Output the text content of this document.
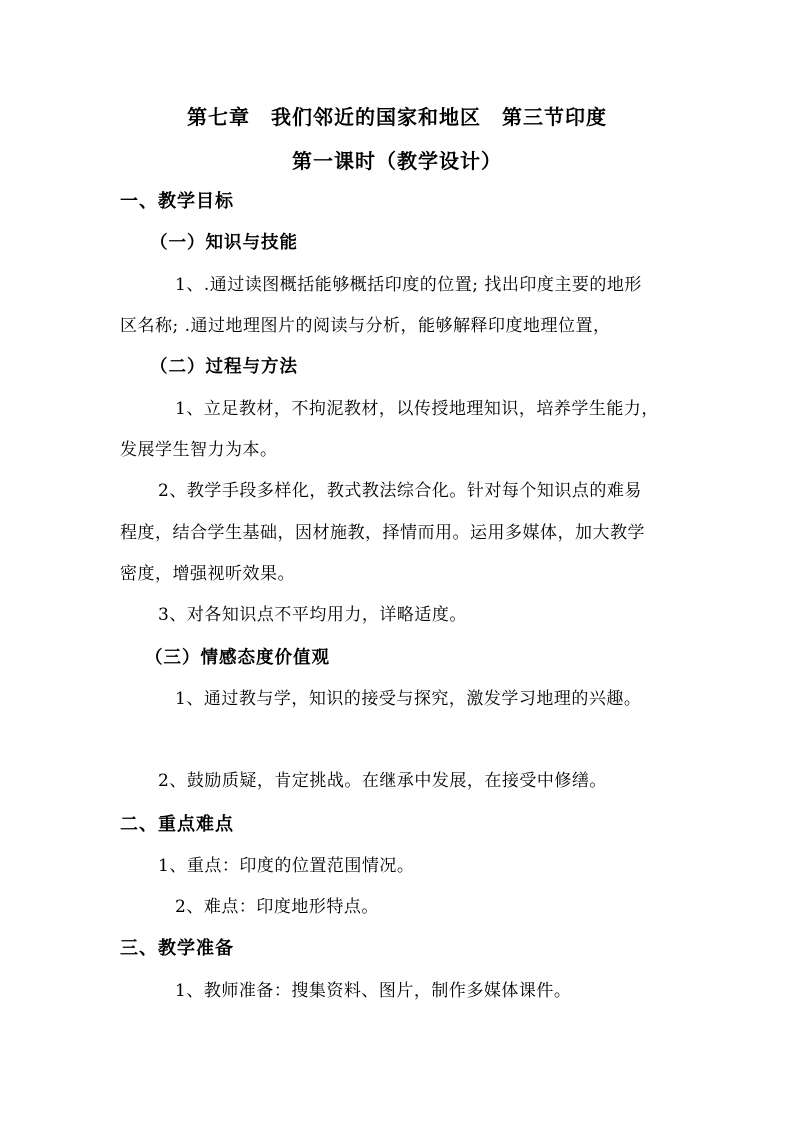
第七章　我们邻近的国家和地区　第三节印度
第一课时（教学设计）
一、教学目标
（一）知识与技能
1、.通过读图概括能够概括印度的位置; 找出印度主要的地形
区名称; .通过地理图片的阅读与分析，能够解释印度地理位置，
（二）过程与方法
1、立足教材，不拘泥教材，以传授地理知识，培养学生能力，
发展学生智力为本。
2、教学手段多样化，教式教法综合化。针对每个知识点的难易
程度，结合学生基础，因材施教，择情而用。运用多媒体，加大教学
密度，增强视听效果。
3、对各知识点不平均用力，详略适度。
（三）情感态度价值观
1、通过教与学，知识的接受与探究，激发学习地理的兴趣。
2、鼓励质疑，肯定挑战。在继承中发展，在接受中修缮。
二、重点难点
1、重点：印度的位置范围情况。
2、难点：印度地形特点。
三、教学准备
1、教师准备：搜集资料、图片，制作多媒体课件。
